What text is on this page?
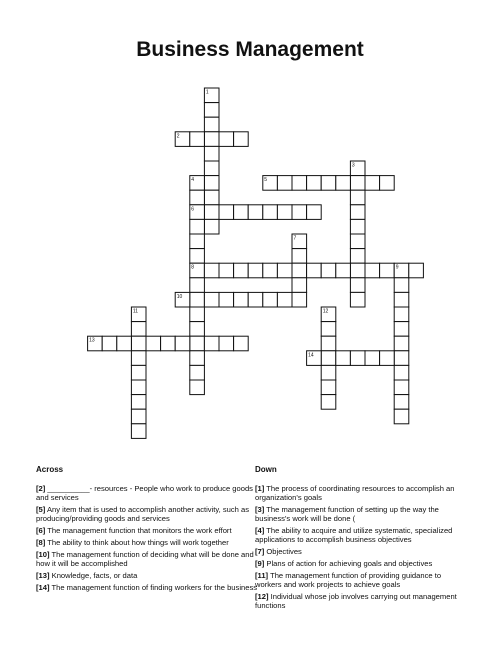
Business Management
1
2
3
4	5
6
7
8	9
10
11	12
13
14
Across
[2] __________- resources - People who work to produce goods and services
[5] Any item that is used to accomplish another activity, such as producing/providing goods and services
[6] The management function that monitors the work effort
[8] The ability to think about how things will work together
[10] The management function of deciding what will be done and how it will be accomplished
[13] Knowledge, facts, or data
[14] The management function of finding workers for the business
Down
[1] The process of coordinating resources to accomplish an organization's goals
[3] The management function of setting up the way the business's work will be done (
[4] The ability to acquire and utilize systematic, specialized applications to accomplish business objectives
[7] Objectives
[9] Plans of action for achieving goals and objectives
[11] The management function of providing guidance to workers and work projects to achieve goals
[12] Individual whose job involves carrying out management functions
